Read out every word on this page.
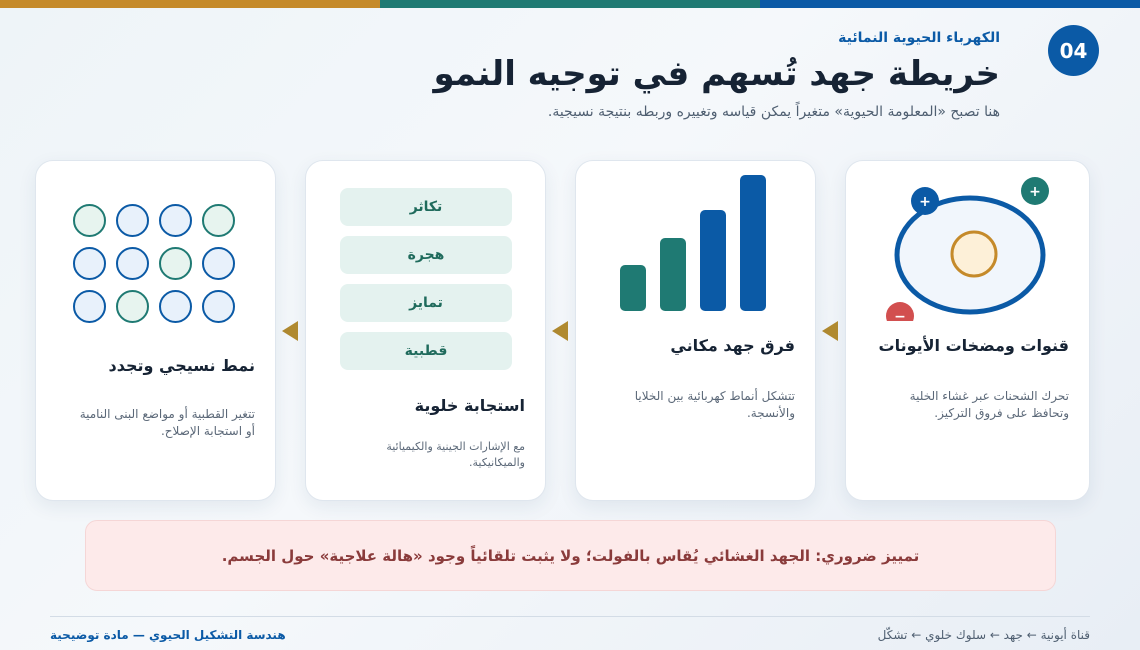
04
الكهرباء الحيوية النمائية
خريطة جهد تُسهم في توجيه النمو
هنا تصبح «المعلومة الحيوية» متغيراً يمكن قياسه وتغييره وربطه بنتيجة نسيجية.
+
+
−
قنوات ومضخات الأيونات
تحرك الشحنات عبر غشاء الخلية
وتحافظ على فروق التركيز.
فرق جهد مكاني
تتشكل أنماط كهربائية بين الخلايا
والأنسجة.
تكاثر
هجرة
تمايز
قطبية
استجابة خلوية
مع الإشارات الجينية والكيميائية
والميكانيكية.
نمط نسيجي وتجدد
تتغير القطبية أو مواضع البنى النامية
أو استجابة الإصلاح.
تمييز ضروري: الجهد الغشائي يُقاس بالفولت؛ ولا يثبت تلقائياً وجود «هالة علاجية» حول الجسم.
قناة أيونية ← جهد ← سلوك خلوي ← تشكّل
هندسة التشكيل الحيوي — مادة توضيحية
